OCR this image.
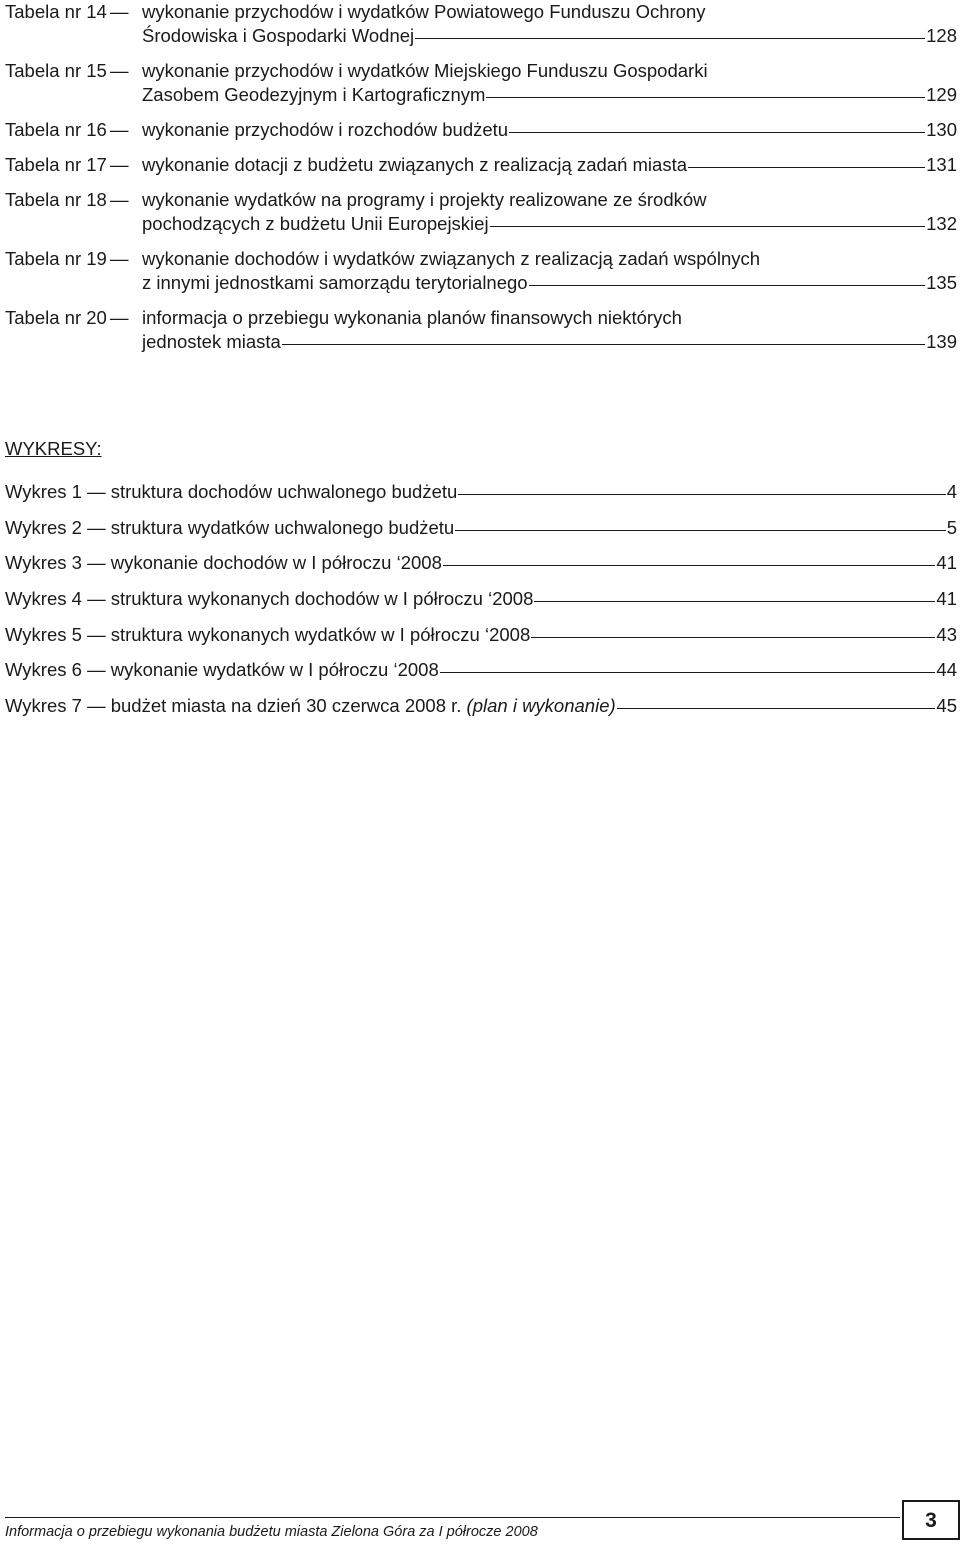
Tabela nr 14 wykonanie przychodów i wydatków Powiatowego Funduszu Ochrony
Środowiska i Gospodarki Wodnej	128
—
Tabela nr 15 wykonanie przychodów i wydatków Miejskiego Funduszu Gospodarki
Zasobem Geodezyjnym i Kartograficznym	129
—
Tabela nr 16 wykonanie przychodów i rozchodów budżetu	130
—
Tabela nr 17 wykonanie dotacji z budżetu związanych z realizacją zadań miasta	131
—
Tabela nr 18 wykonanie wydatków na programy i projekty realizowane ze środków
pochodzących z budżetu Unii Europejskiej	132
—
Tabela nr 19 wykonanie dochodów i wydatków związanych z realizacją zadań wspólnych
z innymi jednostkami samorządu terytorialnego	135
—
Tabela nr 20 informacja o przebiegu wykonania planów finansowych niektórych
jednostek miasta	139
—
WYKRESY:
Wykres 1 — struktura dochodów uchwalonego budżetu	4
Wykres 2 — struktura wydatków uchwalonego budżetu	5
Wykres 3 — wykonanie dochodów w I półroczu ‘2008	41
Wykres 4 — struktura wykonanych dochodów w I półroczu ‘2008	41
Wykres 5 — struktura wykonanych wydatków w I półroczu ‘2008	43
Wykres 6 — wykonanie wydatków w I półroczu ‘2008	44
Wykres 7 — budżet miasta na dzień 30 czerwca 2008 r.
(plan i wykonanie)	45
Informacja o przebiegu wykonania budżetu miasta Zielona Góra za I półrocze 2008	3
